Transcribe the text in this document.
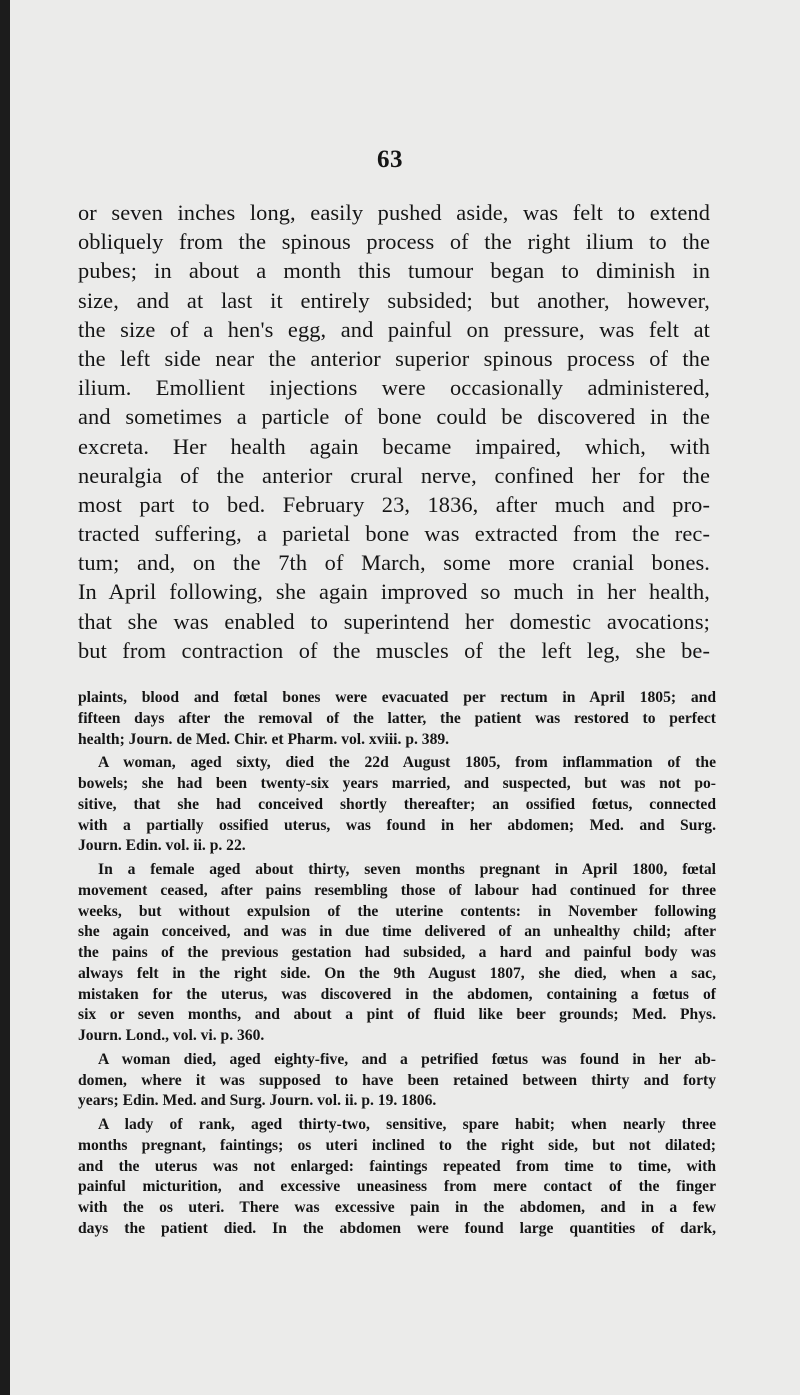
63
or seven inches long, easily pushed aside, was felt to extend
obliquely from the spinous process of the right ilium to the
pubes; in about a month this tumour began to diminish in
size, and at last it entirely subsided; but another, however,
the size of a hen's egg, and painful on pressure, was felt at
the left side near the anterior superior spinous process of the
ilium. Emollient injections were occasionally administered,
and sometimes a particle of bone could be discovered in the
excreta. Her health again became impaired, which, with
neuralgia of the anterior crural nerve, confined her for the
most part to bed. February 23, 1836, after much and pro-
tracted suffering, a parietal bone was extracted from the rec-
tum; and, on the 7th of March, some more cranial bones.
In April following, she again improved so much in her health,
that she was enabled to superintend her domestic avocations;
but from contraction of the muscles of the left leg, she be-
plaints, blood and fœtal bones were evacuated per rectum in April 1805; and
fifteen days after the removal of the latter, the patient was restored to perfect
health; Journ. de Med. Chir. et Pharm. vol. xviii. p. 389.
A woman, aged sixty, died the 22d August 1805, from inflammation of the
bowels; she had been twenty-six years married, and suspected, but was not po-
sitive, that she had conceived shortly thereafter; an ossified fœtus, connected
with a partially ossified uterus, was found in her abdomen; Med. and Surg.
Journ. Edin. vol. ii. p. 22.
In a female aged about thirty, seven months pregnant in April 1800, fœtal
movement ceased, after pains resembling those of labour had continued for three
weeks, but without expulsion of the uterine contents: in November following
she again conceived, and was in due time delivered of an unhealthy child; after
the pains of the previous gestation had subsided, a hard and painful body was
always felt in the right side. On the 9th August 1807, she died, when a sac,
mistaken for the uterus, was discovered in the abdomen, containing a fœtus of
six or seven months, and about a pint of fluid like beer grounds; Med. Phys.
Journ. Lond., vol. vi. p. 360.
A woman died, aged eighty-five, and a petrified fœtus was found in her ab-
domen, where it was supposed to have been retained between thirty and forty
years; Edin. Med. and Surg. Journ. vol. ii. p. 19. 1806.
A lady of rank, aged thirty-two, sensitive, spare habit; when nearly three
months pregnant, faintings; os uteri inclined to the right side, but not dilated;
and the uterus was not enlarged: faintings repeated from time to time, with
painful micturition, and excessive uneasiness from mere contact of the finger
with the os uteri. There was excessive pain in the abdomen, and in a few
days the patient died. In the abdomen were found large quantities of dark,
